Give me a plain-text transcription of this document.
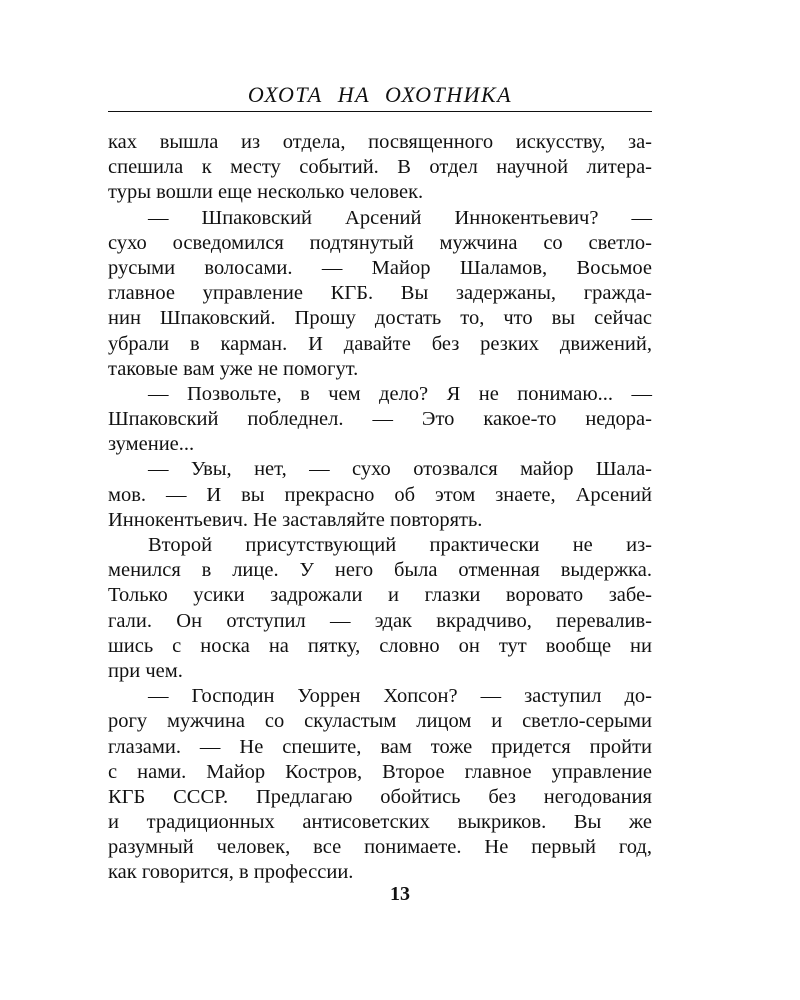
ОХОТА НА ОХОТНИКА
ках вышла из отдела, посвященного искусству, за-
спешила к месту событий. В отдел научной литера-
туры вошли еще несколько человек.
— Шпаковский Арсений Иннокентьевич? —
сухо осведомился подтянутый мужчина со светло-
русыми волосами. — Майор Шаламов, Восьмое
главное управление КГБ. Вы задержаны, гражда-
нин Шпаковский. Прошу достать то, что вы сейчас
убрали в карман. И давайте без резких движений,
таковые вам уже не помогут.
— Позвольте, в чем дело? Я не понимаю... —
Шпаковский побледнел. — Это какое-то недора-
зумение...
— Увы, нет, — сухо отозвался майор Шала-
мов. — И вы прекрасно об этом знаете, Арсений
Иннокентьевич. Не заставляйте повторять.
Второй присутствующий практически не из-
менился в лице. У него была отменная выдержка.
Только усики задрожали и глазки воровато забе-
гали. Он отступил — эдак вкрадчиво, перевалив-
шись с носка на пятку, словно он тут вообще ни
при чем.
— Господин Уоррен Хопсон? — заступил до-
рогу мужчина со скуластым лицом и светло-серыми
глазами. — Не спешите, вам тоже придется пройти
с нами. Майор Костров, Второе главное управление
КГБ СССР. Предлагаю обойтись без негодования
и традиционных антисоветских выкриков. Вы же
разумный человек, все понимаете. Не первый год,
как говорится, в профессии.
13
